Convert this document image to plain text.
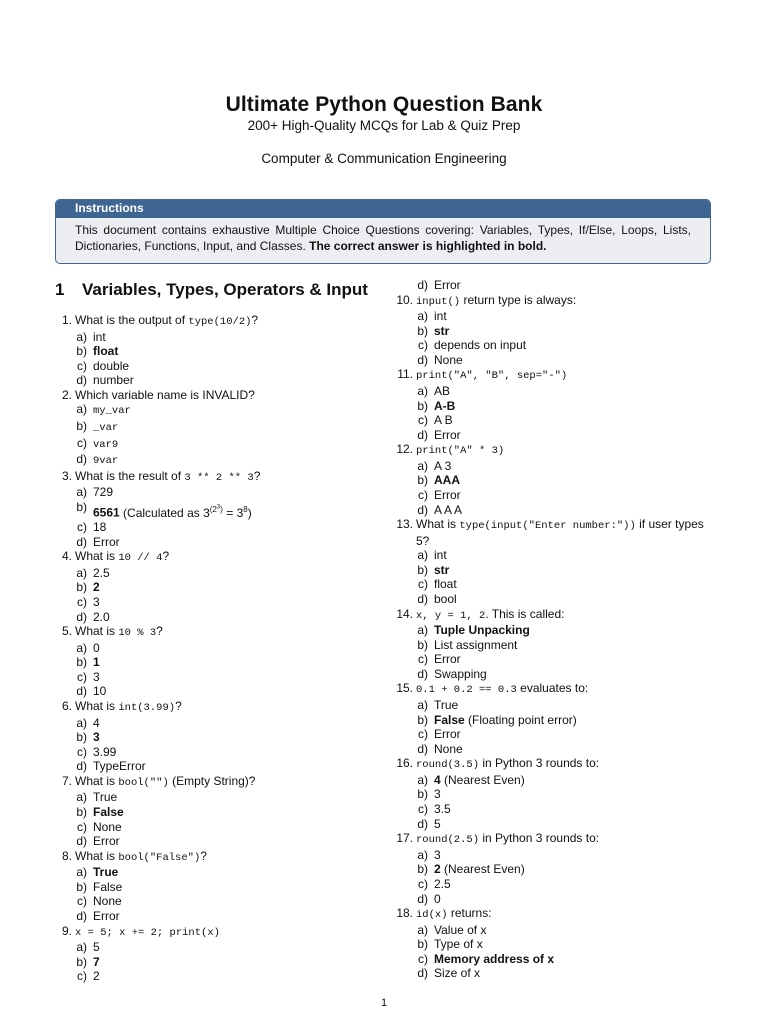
Ultimate Python Question Bank
200+ High-Quality MCQs for Lab & Quiz Prep
Computer & Communication Engineering
Instructions
This document contains exhaustive Multiple Choice Questions covering: Variables, Types, If/Else, Loops, Lists, Dictionaries, Functions, Input, and Classes. The correct answer is highlighted in bold.
1	Variables, Types, Operators & Input
1. What is the output of type(10/2)?
a) int
b) float
c) double
d) number
2. Which variable name is INVALID?
a) my_var
b) _var
c) var9
d) 9var
3. What is the result of 3 ** 2 ** 3?
a) 729
b) 6561 (Calculated as $3^{(2^3)} = 3^8$)
c) 18
d) Error
4. What is 10 // 4?
a) 2.5
b) 2
c) 3
d) 2.0
5. What is 10 % 3?
a) 0
b) 1
c) 3
d) 10
6. What is int(3.99)?
a) 4
b) 3
c) 3.99
d) TypeError
7. What is bool("") (Empty String)?
a) True
b) False
c) None
d) Error
8. What is bool("False")?
a) True
b) False
c) None
d) Error
9. x = 5; x += 2; print(x)
a) 5
b) 7
c) 2
d) Error
10. input() return type is always:
a) int
b) str
c) depends on input
d) None
11. print("A", "B", sep="-")
a) AB
b) A-B
c) A B
d) Error
12. print("A" * 3)
a) A 3
b) AAA
c) Error
d) A A A
13. What is type(input("Enter number:")) if user types 5?
a) int
b) str
c) float
d) bool
14. x, y = 1, 2. This is called:
a) Tuple Unpacking
b) List assignment
c) Error
d) Swapping
15. 0.1 + 0.2 == 0.3 evaluates to:
a) True
b) False (Floating point error)
c) Error
d) None
16. round(3.5) in Python 3 rounds to:
a) 4 (Nearest Even)
b) 3
c) 3.5
d) 5
17. round(2.5) in Python 3 rounds to:
a) 3
b) 2 (Nearest Even)
c) 2.5
d) 0
18. id(x) returns:
a) Value of x
b) Type of x
c) Memory address of x
d) Size of x
1
